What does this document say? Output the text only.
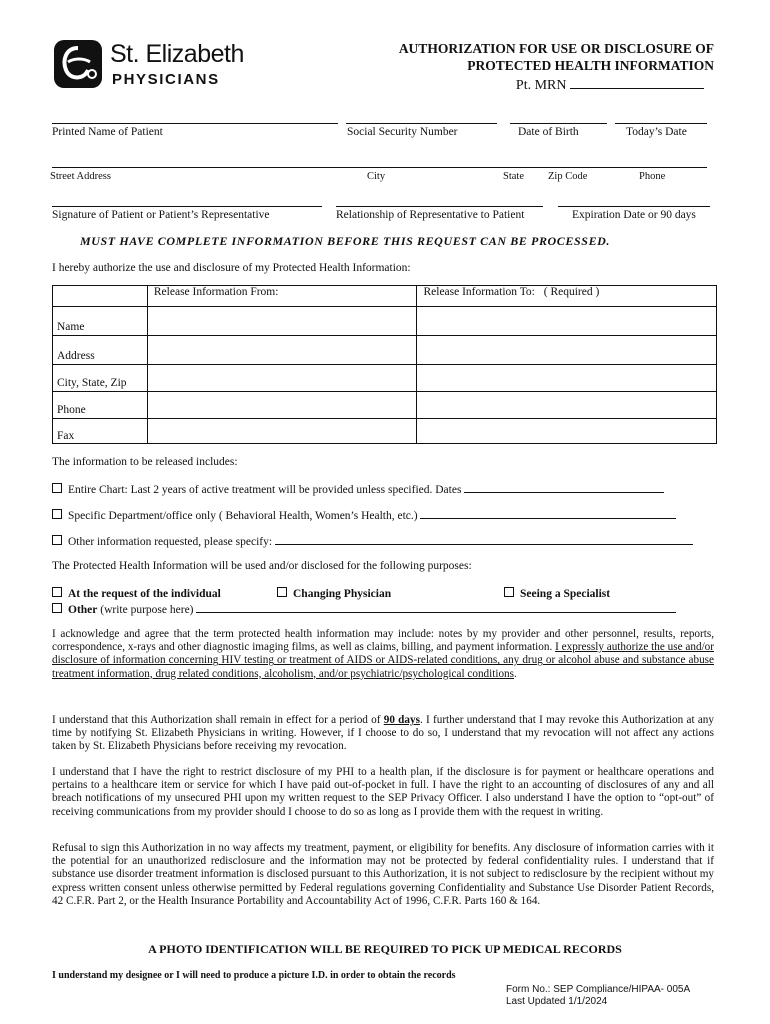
St. Elizabeth
PHYSICIANS
AUTHORIZATION FOR USE OR DISCLOSURE OF
PROTECTED HEALTH INFORMATION
Pt. MRN
Printed Name of Patient	Social Security Number	Date of Birth	Today’s Date
Street Address	City	State Zip Code	Phone
Signature of Patient or Patient’s Representative	Relationship of Representative to Patient	Expiration Date or 90 days
MUST HAVE COMPLETE INFORMATION BEFORE THIS REQUEST CAN BE PROCESSED.
I hereby authorize the use and disclosure of my Protected Health Information:
	Release Information From:	Release Information To: ( Required )
Name		
Address		
City, State, Zip		
Phone		
Fax		
The information to be released includes:
Entire Chart: Last 2 years of active treatment will be provided unless specified. Dates
Specific Department/office only ( Behavioral Health, Women’s Health, etc.)
Other information requested, please specify:
The Protected Health Information will be used and/or disclosed for the following purposes:
At the request of the individual	Changing Physician	Seeing a Specialist
Other (write purpose here)
I acknowledge and agree that the term protected health information may include: notes by my provider and other personnel, results, reports, correspondence, x-rays and other diagnostic imaging films, as well as claims, billing, and payment information. I expressly authorize the use and/or disclosure of information concerning HIV testing or treatment of AIDS or AIDS-related conditions, any drug or alcohol abuse and substance abuse treatment information, drug related conditions, alcoholism, and/or psychiatric/psychological conditions.
I understand that this Authorization shall remain in effect for a period of 90 days. I further understand that I may revoke this Authorization at any time by notifying St. Elizabeth Physicians in writing. However, if I choose to do so, I understand that my revocation will not affect any actions taken by St. Elizabeth Physicians before receiving my revocation.
I understand that I have the right to restrict disclosure of my PHI to a health plan, if the disclosure is for payment or healthcare operations and pertains to a healthcare item or service for which I have paid out-of-pocket in full. I have the right to an accounting of disclosures of any and all breach notifications of my unsecured PHI upon my written request to the SEP Privacy Officer. I also understand I have the option to “opt-out” of receiving communications from my provider should I choose to do so as long as I provide them with the request in writing.
Refusal to sign this Authorization in no way affects my treatment, payment, or eligibility for benefits. Any disclosure of information carries with it the potential for an unauthorized redisclosure and the information may not be protected by federal confidentiality rules. I understand that if substance use disorder treatment information is disclosed pursuant to this Authorization, it is not subject to redisclosure by the recipient without my express written consent unless otherwise permitted by Federal regulations governing Confidentiality and Substance Use Disorder Patient Records, 42 C.F.R. Part 2, or the Health Insurance Portability and Accountability Act of 1996, C.F.R. Parts 160 & 164.
A PHOTO IDENTIFICATION WILL BE REQUIRED TO PICK UP MEDICAL RECORDS
I understand my designee or I will need to produce a picture I.D. in order to obtain the records
Form No.: SEP Compliance/HIPAA- 005A
Last Updated 1/1/2024
